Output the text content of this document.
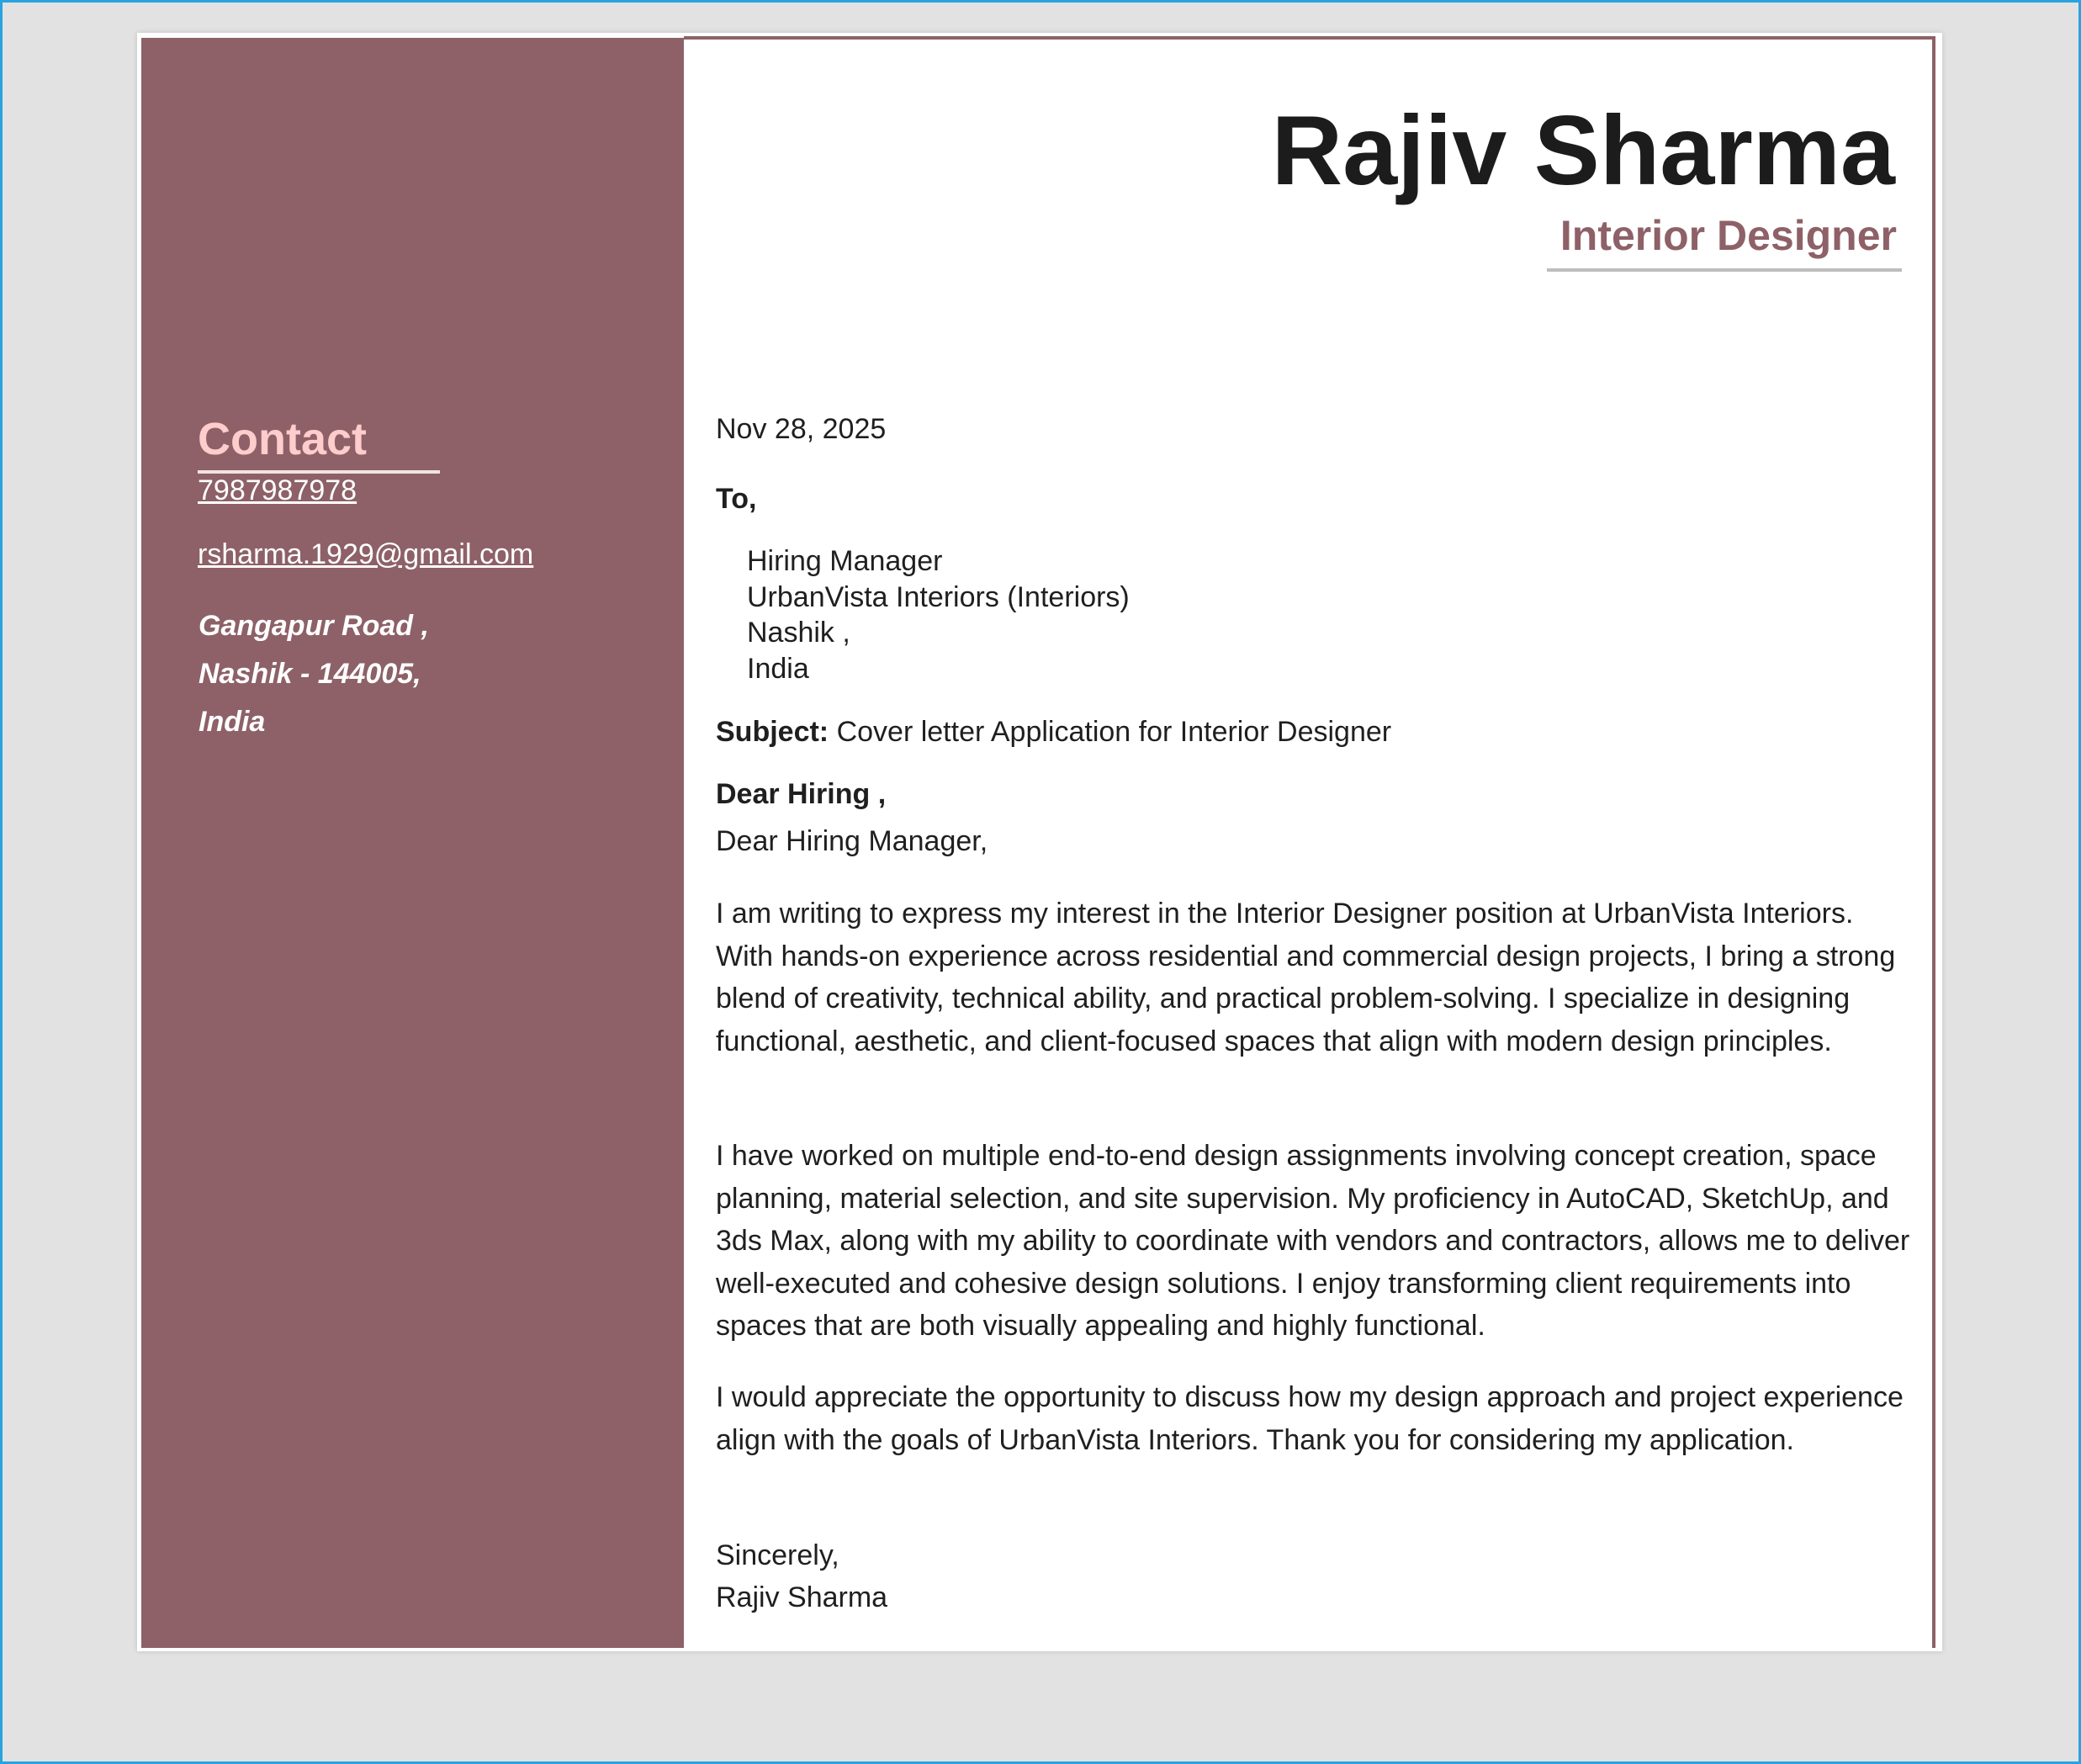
Rajiv Sharma
Interior Designer
Contact
7987987978
rsharma.1929@gmail.com
Gangapur Road ,
Nashik - 144005,
India
Nov 28, 2025
To,
Hiring Manager
UrbanVista Interiors (Interiors)
Nashik ,
India
Subject: Cover letter Application for Interior Designer
Dear Hiring ,
Dear Hiring Manager,
I am writing to express my interest in the Interior Designer position at UrbanVista Interiors. With hands-on experience across residential and commercial design projects, I bring a strong blend of creativity, technical ability, and practical problem-solving. I specialize in designing functional, aesthetic, and client-focused spaces that align with modern design principles.
I have worked on multiple end-to-end design assignments involving concept creation, space planning, material selection, and site supervision. My proficiency in AutoCAD, SketchUp, and 3ds Max, along with my ability to coordinate with vendors and contractors, allows me to deliver well-executed and cohesive design solutions. I enjoy transforming client requirements into spaces that are both visually appealing and highly functional.
I would appreciate the opportunity to discuss how my design approach and project experience align with the goals of UrbanVista Interiors. Thank you for considering my application.
Sincerely,
Rajiv Sharma
